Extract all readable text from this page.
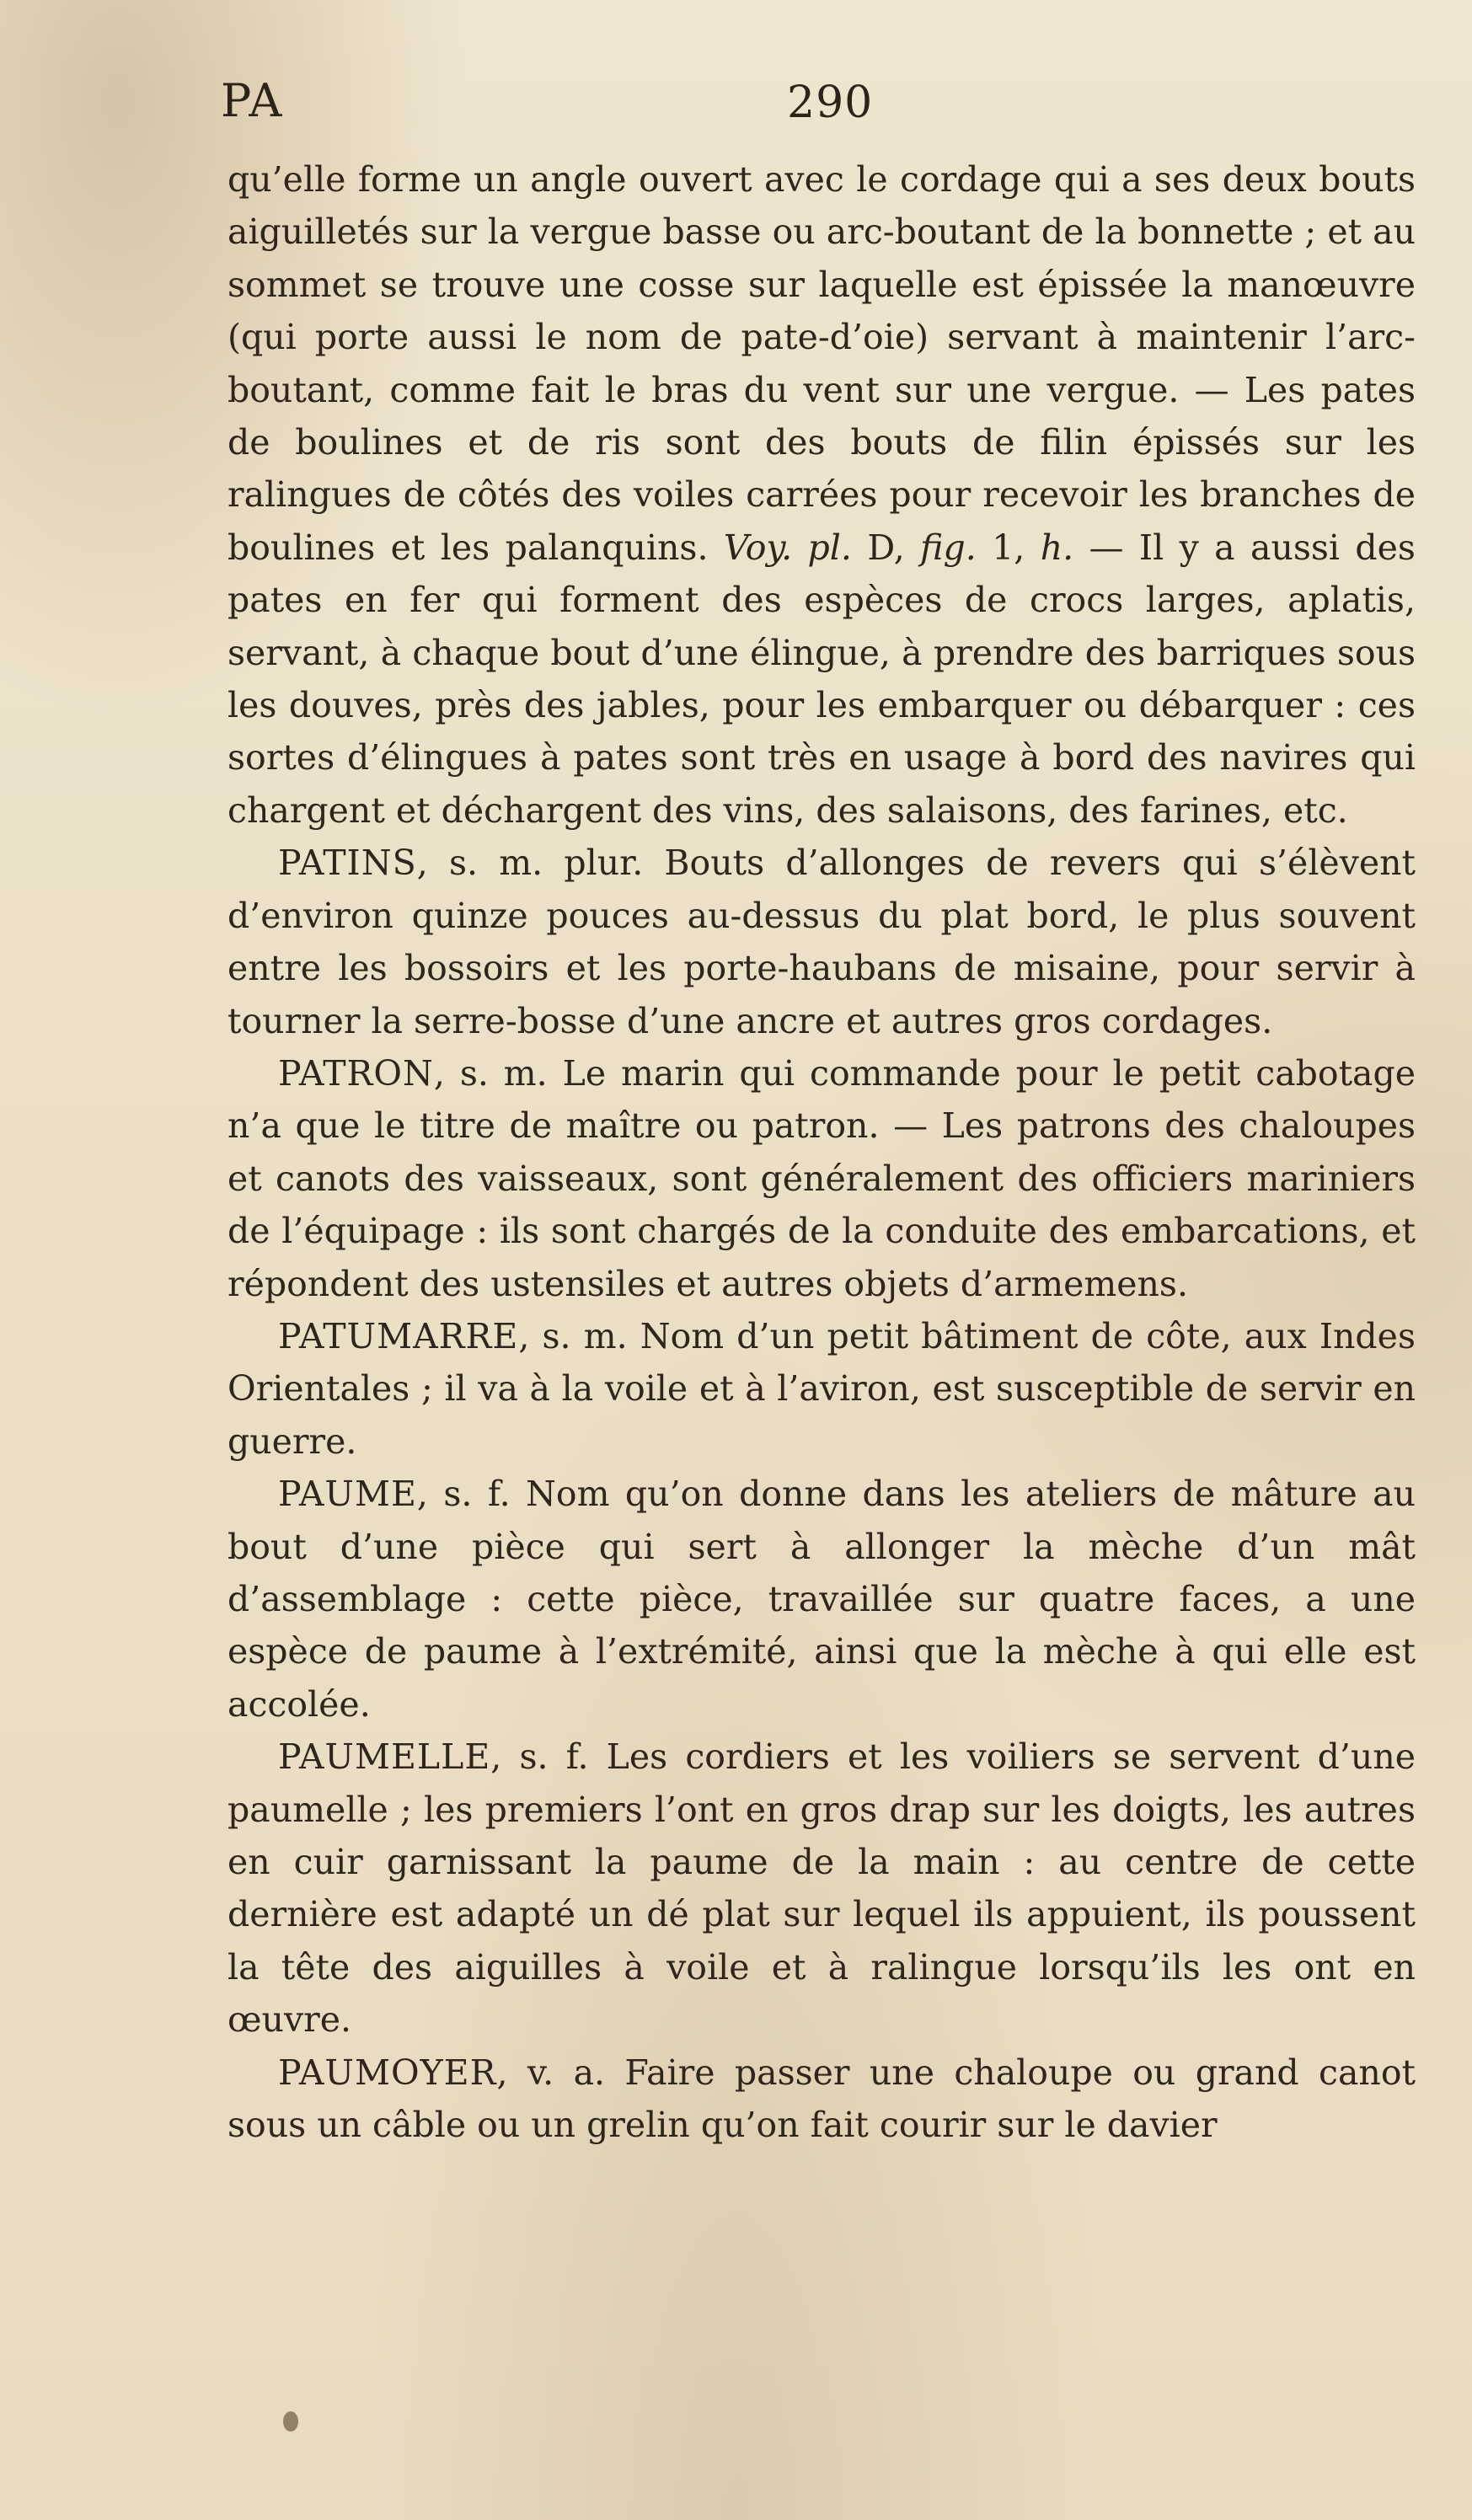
PA	290

qu’elle forme un angle ouvert avec le cordage qui a ses deux bouts aiguilletés sur la vergue basse ou arc-boutant de la bonnette ; et au sommet se trouve une cosse sur laquelle est épissée la manœuvre (qui porte aussi le nom de pate-d’oie) servant à maintenir l’arc-boutant, comme fait le bras du vent sur une vergue. — Les pates de boulines et de ris sont des bouts de filin épissés sur les ralingues de côtés des voiles carrées pour recevoir les branches de boulines et les palanquins. Voy. pl. D, fig. 1, h. — Il y a aussi des pates en fer qui forment des espèces de crocs larges, aplatis, servant, à chaque bout d’une élingue, à prendre des barriques sous les douves, près des jables, pour les embarquer ou débarquer : ces sortes d’élingues à pates sont très en usage à bord des navires qui chargent et déchargent des vins, des salaisons, des farines, etc.

PATINS, s. m. plur. Bouts d’allonges de revers qui s’élèvent d’environ quinze pouces au-dessus du plat bord, le plus souvent entre les bossoirs et les porte-haubans de misaine, pour servir à tourner la serre-bosse d’une ancre et autres gros cordages.

PATRON, s. m. Le marin qui commande pour le petit cabotage n’a que le titre de maître ou patron. — Les patrons des chaloupes et canots des vaisseaux, sont généralement des officiers mariniers de l’équipage : ils sont chargés de la conduite des embarcations, et répondent des ustensiles et autres objets d’armemens.

PATUMARRE, s. m. Nom d’un petit bâtiment de côte, aux Indes Orientales ; il va à la voile et à l’aviron, est susceptible de servir en guerre.

PAUME, s. f. Nom qu’on donne dans les ateliers de mâture au bout d’une pièce qui sert à allonger la mèche d’un mât d’assemblage : cette pièce, travaillée sur quatre faces, a une espèce de paume à l’extrémité, ainsi que la mèche à qui elle est accolée.

PAUMELLE, s. f. Les cordiers et les voiliers se servent d’une paumelle ; les premiers l’ont en gros drap sur les doigts, les autres en cuir garnissant la paume de la main : au centre de cette dernière est adapté un dé plat sur lequel ils appuient, ils poussent la tête des aiguilles à voile et à ralingue lorsqu’ils les ont en œuvre.

PAUMOYER, v. a. Faire passer une chaloupe ou grand canot sous un câble ou un grelin qu’on fait courir sur le davier
